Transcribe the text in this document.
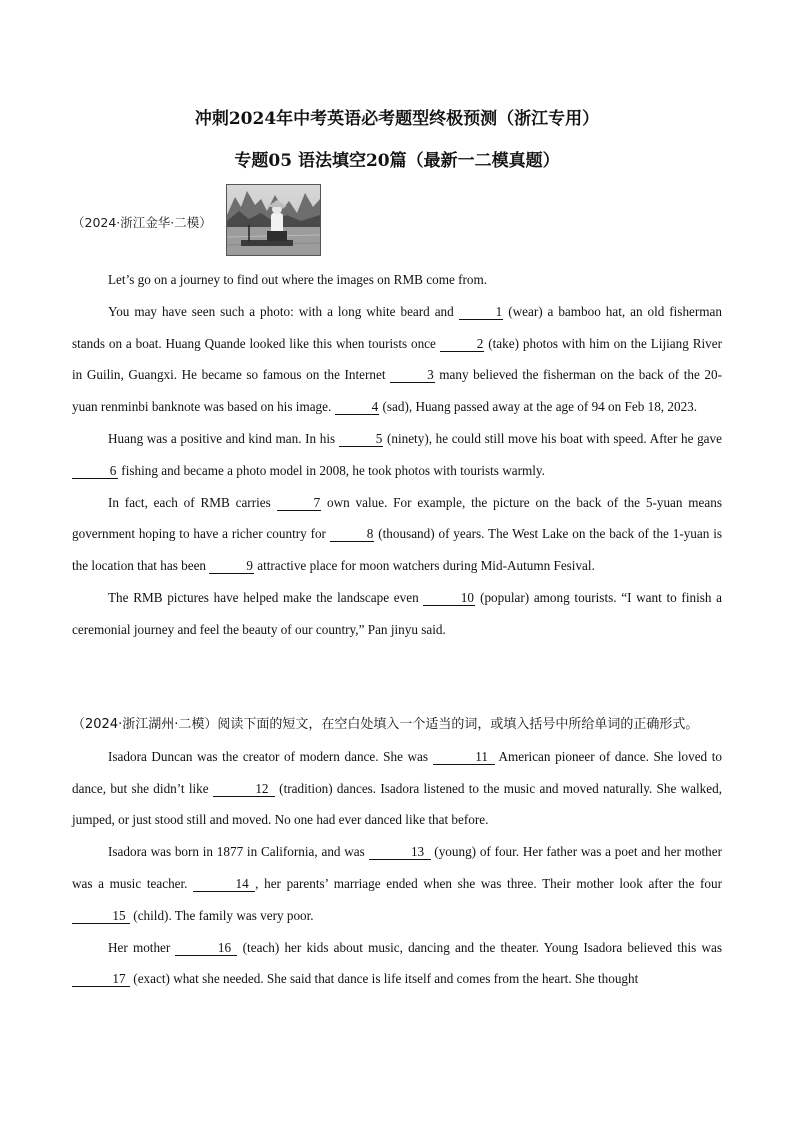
冲刺2024年中考英语必考题型终极预测（浙江专用）
专题05 语法填空20篇（最新一二模真题）
（2024·浙江金华·二模）

Let’s go on a journey to find out where the images on RMB come from.

You may have seen such a photo: with a long white beard and	1 (wear) a bamboo hat, an old fisherman stands on a boat. Huang Quande looked like this when tourists once	2 (take) photos with him on the Lijiang River in Guilin, Guangxi. He became so famous on the Internet	3 many believed the fisherman on the back of the 20-yuan renminbi banknote was based on his image.	4 (sad), Huang passed away at the age of 94 on Feb 18, 2023.

Huang was a positive and kind man. In his	5 (ninety), he could still move his boat with speed. After he gave 6 fishing and became a photo model in 2008, he took photos with tourists warmly.

In fact, each of RMB carries	7 own value. For example, the picture on the back of the 5-yuan means government hoping to have a richer country for	8 (thousand) of years. The West Lake on the back of the 1-yuan is the location that has been	9 attractive place for moon watchers during Mid-Autumn Fesival.

The RMB pictures have helped make the landscape even	10 (popular) among tourists. “I want to finish a ceremonial journey and feel the beauty of our country,” Pan jinyu said.

（2024·浙江湖州·二模）阅读下面的短文，在空白处填入一个适当的词，或填入括号中所给单词的正确形式。

Isadora Duncan was the creator of modern dance. She was	11 American pioneer of dance. She loved to dance, but she didn’t like	12 (tradition) dances. Isadora listened to the music and moved naturally. She walked, jumped, or just stood still and moved. No one had ever danced like that before.

Isadora was born in 1877 in California, and was	13 (young) of four. Her father was a poet and her mother was a music teacher.	14 , her parents’ marriage ended when she was three. Their mother look after the four 15 (child). The family was very poor.

Her mother	16 (teach) her kids about music, dancing and the theater. Young Isadora believed this was 17 (exact) what she needed. She said that dance is life itself and comes from the heart. She thought
